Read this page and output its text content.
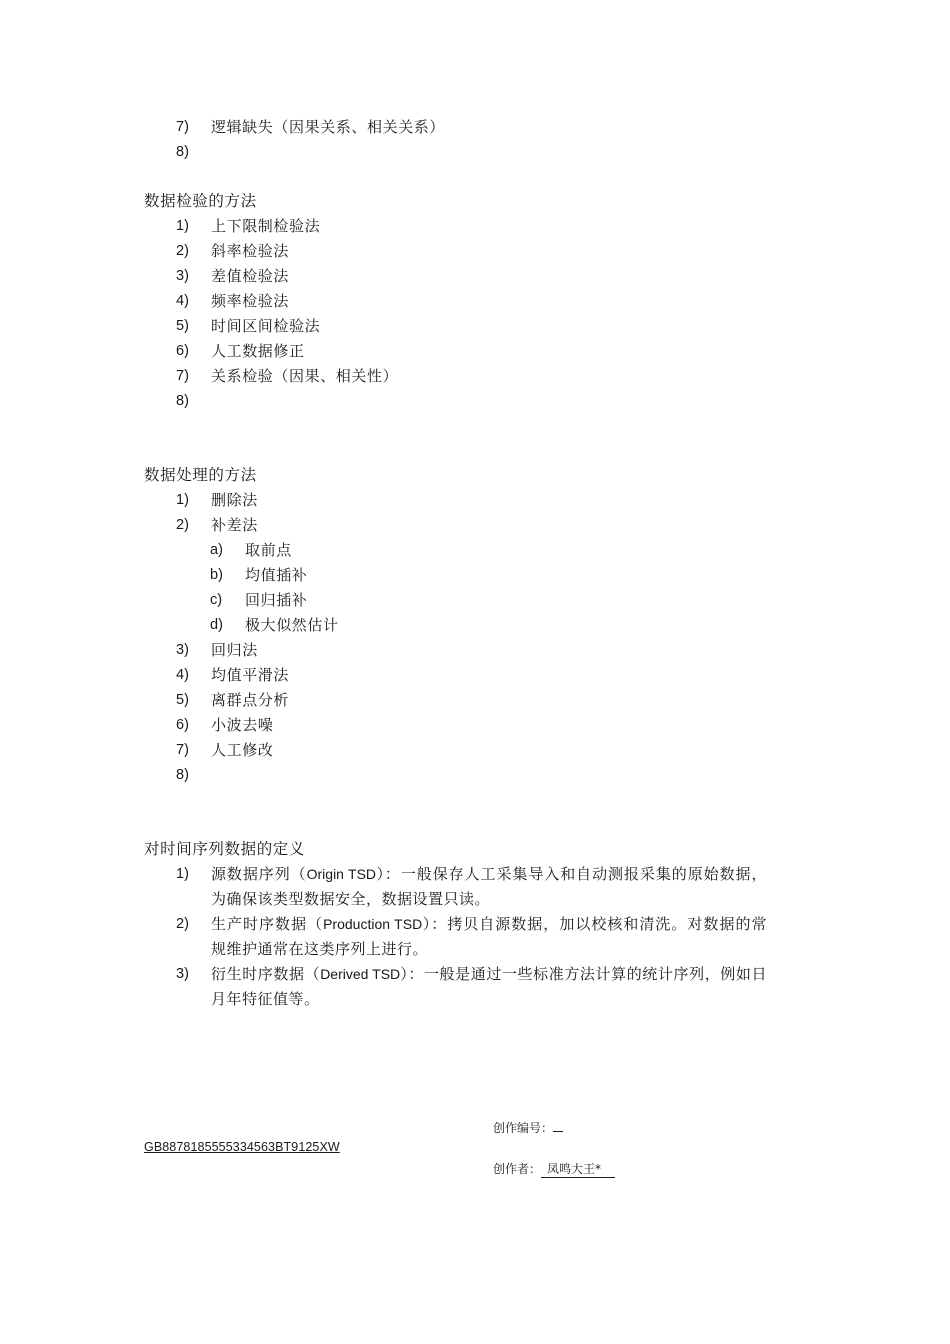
7) 逻辑缺失（因果关系、相关关系）
8)
数据检验的方法
1) 上下限制检验法
2) 斜率检验法
3) 差值检验法
4) 频率检验法
5) 时间区间检验法
6) 人工数据修正
7) 关系检验（因果、相关性）
8)
数据处理的方法
1) 删除法
2) 补差法
a) 取前点
b) 均值插补
c) 回归插补
d) 极大似然估计
3) 回归法
4) 均值平滑法
5) 离群点分析
6) 小波去噪
7) 人工修改
8)
对时间序列数据的定义
1) 源数据序列（Origin TSD）：一般保存人工采集导入和自动测报采集的原始数据，为确保该类型数据安全，数据设置只读。
2) 生产时序数据（Production TSD）：拷贝自源数据，加以校核和清洗。对数据的常规维护通常在这类序列上进行。
3) 衍生时序数据（Derived TSD）：一般是通过一些标准方法计算的统计序列，例如日月年特征值等。
创作编号：
GB8878185555334563BT9125XW
创作者： 凤鸣大王*
